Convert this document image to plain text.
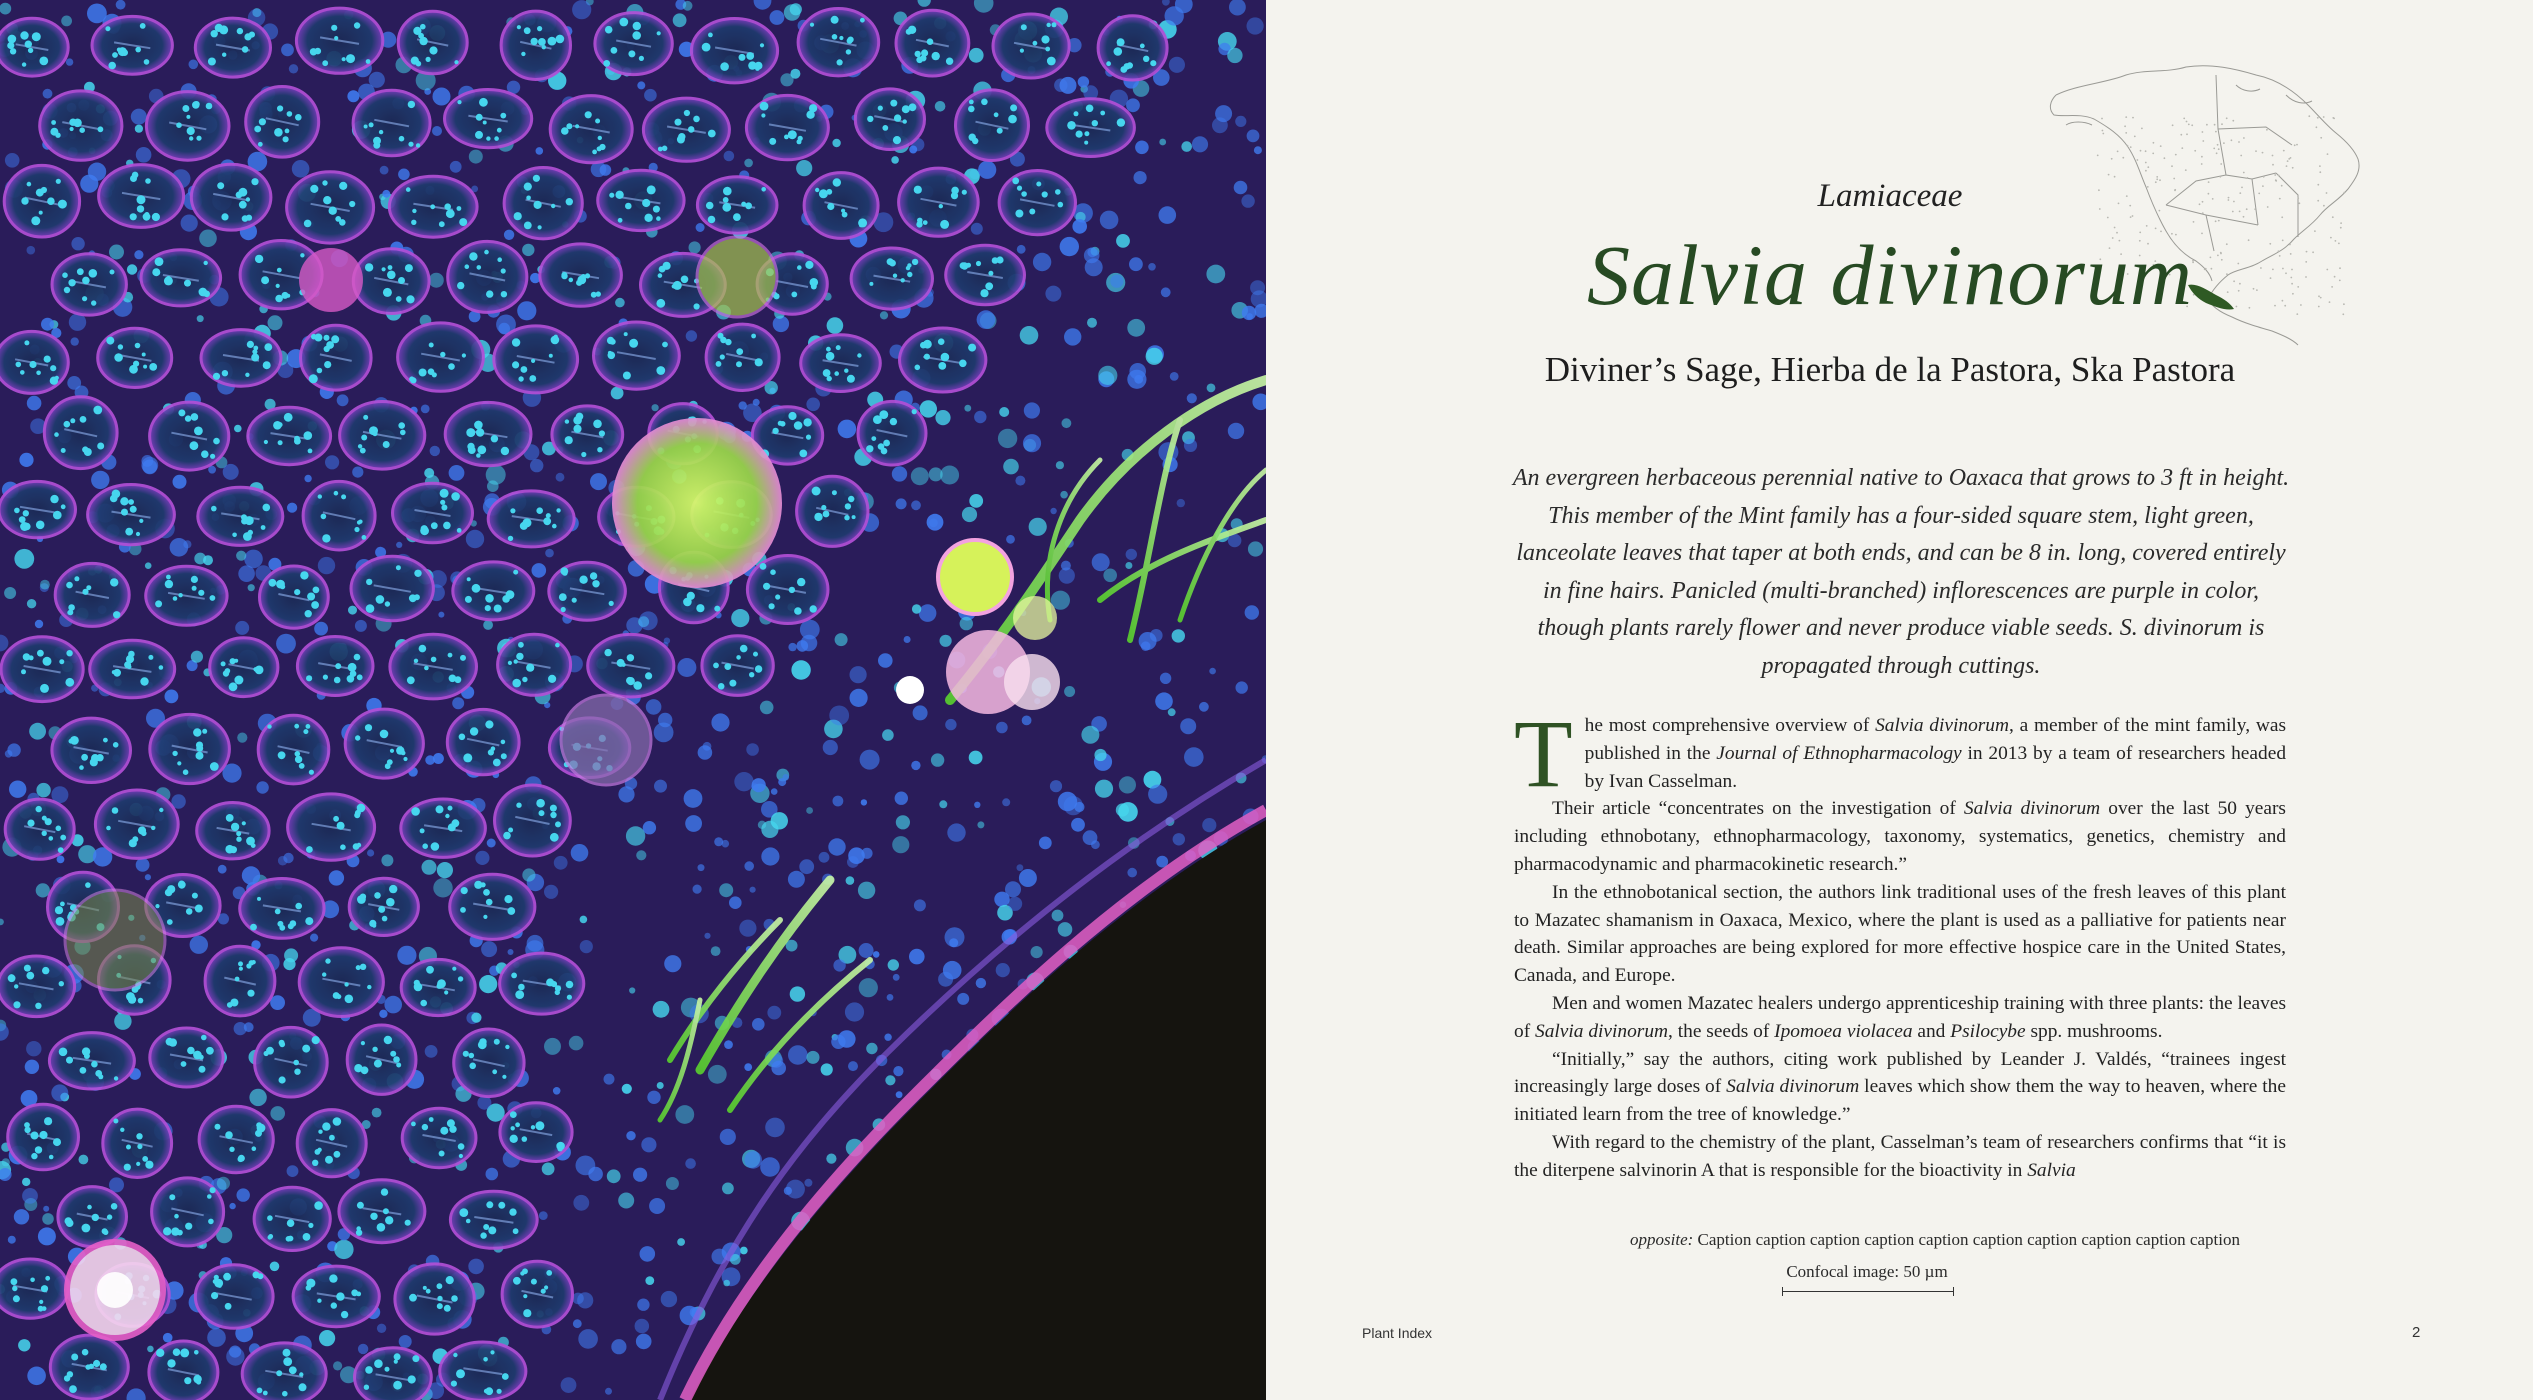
Lamiaceae
Salvia divinorum
Diviner’s Sage, Hierba de la Pastora, Ska Pastora

An evergreen herbaceous perennial native to Oaxaca that grows to 3 ft in height. This member of the Mint family has a four-sided square stem, light green, lanceolate leaves that taper at both ends, and can be 8 in. long, covered entirely in fine hairs. Panicled (multi-branched) inflorescences are purple in color, though plants rarely flower and never produce viable seeds. S. divinorum is propagated through cuttings.

The most comprehensive overview of Salvia divinorum, a member of the mint family, was published in the Journal of Ethnopharmacology in 2013 by a team of researchers headed by Ivan Casselman.

Their article “concentrates on the investigation of Salvia divinorum over the last 50 years including ethnobotany, ethnopharmacology, taxonomy, systematics, genetics, chemistry and pharmacodynamic and pharmacokinetic research.”

In the ethnobotanical section, the authors link traditional uses of the fresh leaves of this plant to Mazatec shamanism in Oaxaca, Mexico, where the plant is used as a palliative for patients near death. Similar approaches are being explored for more effective hospice care in the United States, Canada, and Europe.

Men and women Mazatec healers undergo apprenticeship training with three plants: the leaves of Salvia divinorum, the seeds of Ipomoea violacea and Psilocybe spp. mushrooms.

“Initially,” say the authors, citing work published by Leander J. Valdés, “trainees ingest increasingly large doses of Salvia divinorum leaves which show them the way to heaven, where the initiated learn from the tree of knowledge.”

With regard to the chemistry of the plant, Casselman’s team of researchers confirms that “it is the diterpene salvinorin A that is responsible for the bioactivity in Salvia

opposite: Caption caption caption caption caption caption caption caption caption caption
Confocal image: 50 µm
Plant Index	2
